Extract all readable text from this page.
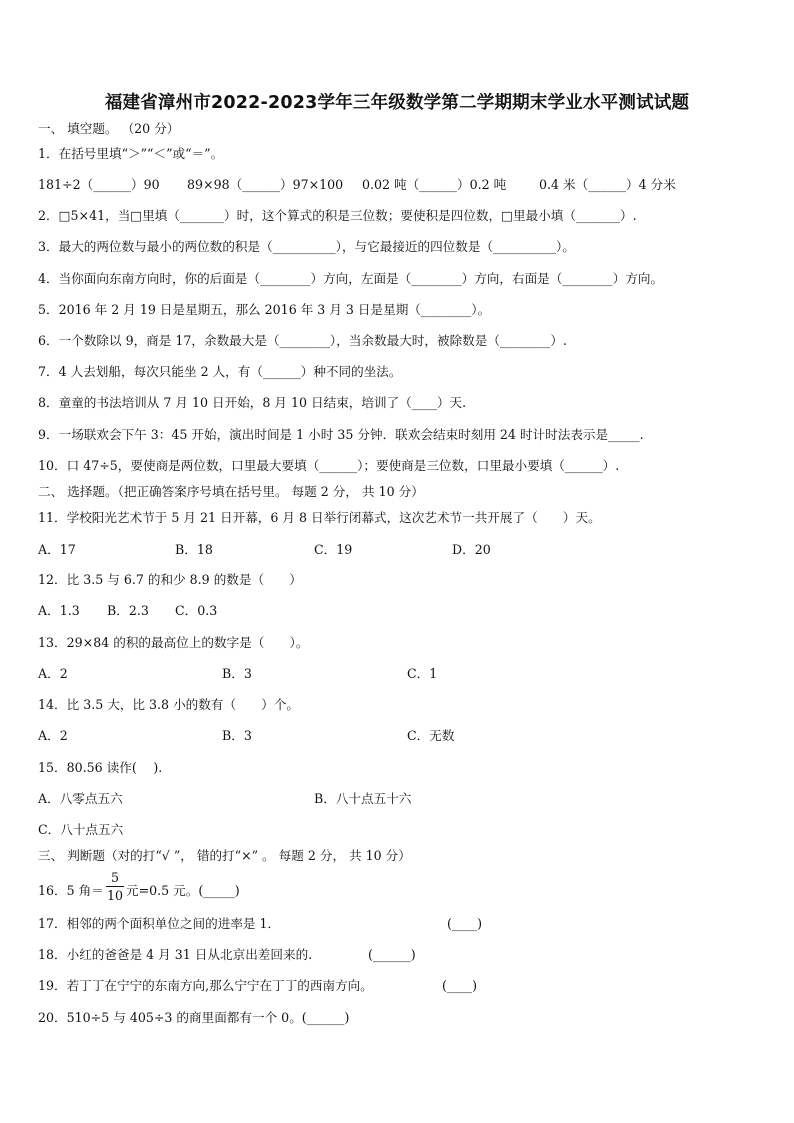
福建省漳州市2022-2023学年三年级数学第二学期期末学业水平测试试题
一、 填空题。 （20 分）
1．在括号里填“＞”“＜”或“＝”。
181÷2（______）90 89×98（______）97×100 0.02 吨（______）0.2 吨	0.4 米（______）4 分米
2．□5×41，当□里填（_______）时，这个算式的积是三位数；要使积是四位数，□里最小填（_______）.
3．最大的两位数与最小的两位数的积是（__________），与它最接近的四位数是（__________）。
4．当你面向东南方向时，你的后面是（________）方向，左面是（________）方向，右面是（________）方向。
5．2016 年 2 月 19 日是星期五，那么 2016 年 3 月 3 日是星期（________）。
6．一个数除以 9，商是 17，余数最大是（________），当余数最大时，被除数是（________）.
7．4 人去划船，每次只能坐 2 人，有（______）种不同的坐法。
8．童童的书法培训从 7 月 10 日开始，8 月 10 日结束，培训了（____）天.
9．一场联欢会下午 3：45 开始，演出时间是 1 小时 35 分钟．联欢会结束时刻用 24 时计时法表示是_____.
10．口 47÷5，要使商是两位数，口里最大要填（______）；要使商是三位数，口里最小要填（______）.
二、 选择题。（把正确答案序号填在括号里。 每题 2 分， 共 10 分）
11．学校阳光艺术节于 5 月 21 日开幕，6 月 8 日举行闭幕式，这次艺术节一共开展了（　　）天。
A．17	B．18	C．19	D．20
12．比 3.5 与 6.7 的和少 8.9 的数是（　　）
A．1.3 B．2.3 C．0.3
13．29×84 的积的最高位上的数字是（　　）。
A．2	B．3	C．1
14．比 3.5 大，比 3.8 小的数有（　　）个。
A．2	B．3	C．无数
15．80.56 读作(　 ).
A．八零点五六	B．八十点五十六
C．八十点五六
三、 判断题（对的打“√ ”， 错的打“×” 。 每题 2 分， 共 10 分）
16．5 角＝
5
10 元=0.5 元。(_____)
17．相邻的两个面积单位之间的进率是 1．	(____)
18．小红的爸爸是 4 月 31 日从北京出差回来的.	(______)
19．若丁丁在宁宁的东南方向,那么宁宁在丁丁的西南方向。	(____)
20．510÷5 与 405÷3 的商里面都有一个 0。(______)
